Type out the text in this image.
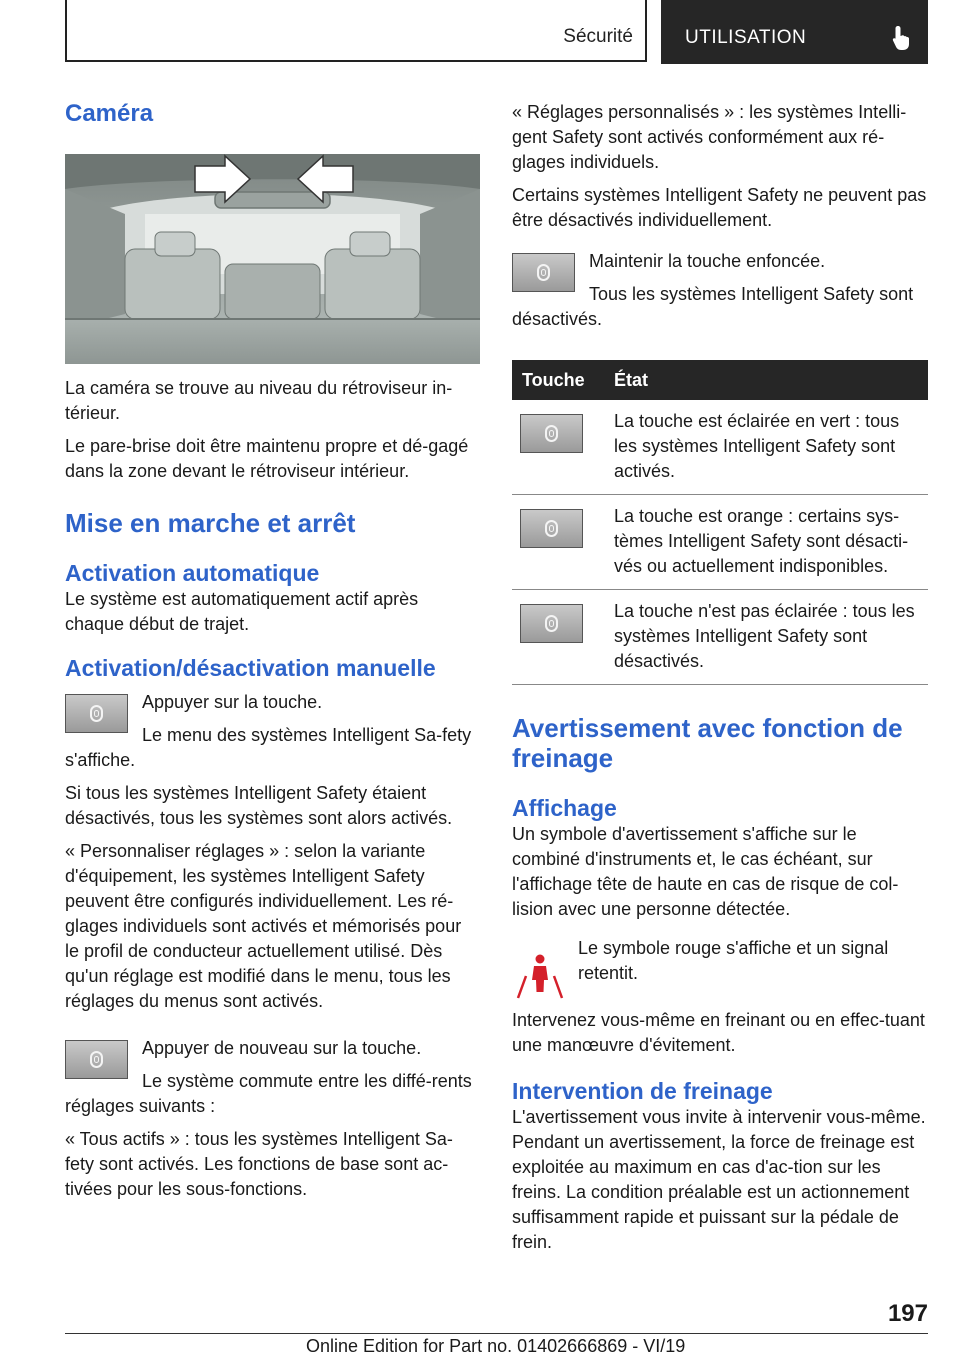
Sécurité	UTILISATION
Caméra

La caméra se trouve au niveau du rétroviseur in-térieur.

Le pare-brise doit être maintenu propre et dé-gagé dans la zone devant le rétroviseur intérieur.

Mise en marche et arrêt
Activation automatique

Le système est automatiquement actif après chaque début de trajet.

Activation/désactivation manuelle

Appuyer sur la touche.

Le menu des systèmes Intelligent Sa-fety s'affiche.

Si tous les systèmes Intelligent Safety étaient désactivés, tous les systèmes sont alors activés.

« Personnaliser réglages » : selon la variante d'équipement, les systèmes Intelligent Safety peuvent être configurés individuellement. Les ré-glages individuels sont activés et mémorisés pour le profil de conducteur actuellement utilisé. Dès qu'un réglage est modifié dans le menu, tous les réglages du menus sont activés.

Appuyer de nouveau sur la touche.

Le système commute entre les diffé-rents réglages suivants :

« Tous actifs » : tous les systèmes Intelligent Sa-fety sont activés. Les fonctions de base sont ac-tivées pour les sous-fonctions.

« Réglages personnalisés » : les systèmes Intelli-gent Safety sont activés conformément aux ré-glages individuels.

Certains systèmes Intelligent Safety ne peuvent pas être désactivés individuellement.

Maintenir la touche enfoncée.

Tous les systèmes Intelligent Safety sont désactivés.

Touche	État

	La touche est éclairée en vert : tous les systèmes Intelligent Safety sont activés.

	La touche est orange : certains sys-tèmes Intelligent Safety sont désacti-vés ou actuellement indisponibles.

	La touche n'est pas éclairée : tous les systèmes Intelligent Safety sont désactivés.
Avertissement avec fonction de freinage
Affichage

Un symbole d'avertissement s'affiche sur le combiné d'instruments et, le cas échéant, sur l'affichage tête de haute en cas de risque de col-lision avec une personne détectée.

Le symbole rouge s'affiche et un signal retentit.

Intervenez vous-même en freinant ou en effec-tuant une manœuvre d'évitement.

Intervention de freinage

L'avertissement vous invite à intervenir vous-même. Pendant un avertissement, la force de freinage est exploitée au maximum en cas d'ac-tion sur les freins. La condition préalable est un actionnement suffisamment rapide et puissant sur la pédale de frein.

197
Online Edition for Part no. 01402666869 - VI/19
